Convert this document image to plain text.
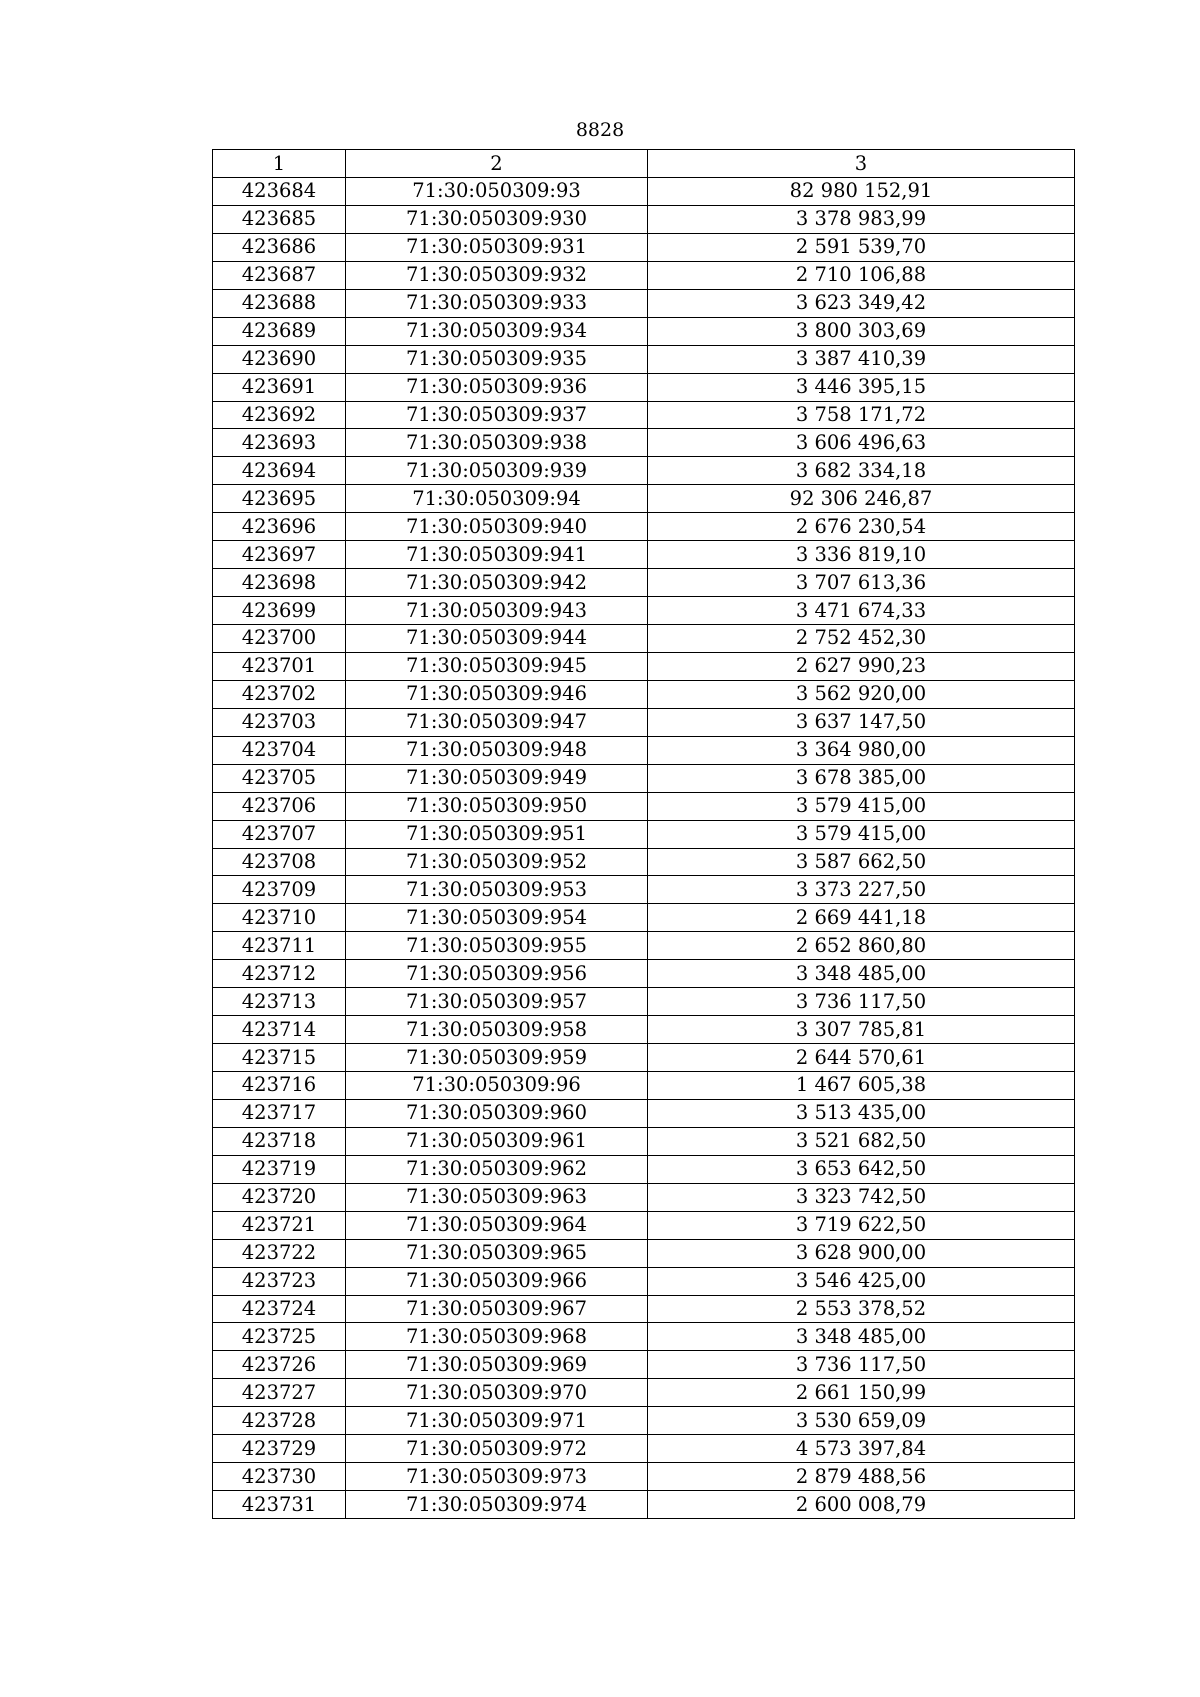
8828
1	2	3
423684	71:30:050309:93	82 980 152,91
423685	71:30:050309:930	3 378 983,99
423686	71:30:050309:931	2 591 539,70
423687	71:30:050309:932	2 710 106,88
423688	71:30:050309:933	3 623 349,42
423689	71:30:050309:934	3 800 303,69
423690	71:30:050309:935	3 387 410,39
423691	71:30:050309:936	3 446 395,15
423692	71:30:050309:937	3 758 171,72
423693	71:30:050309:938	3 606 496,63
423694	71:30:050309:939	3 682 334,18
423695	71:30:050309:94	92 306 246,87
423696	71:30:050309:940	2 676 230,54
423697	71:30:050309:941	3 336 819,10
423698	71:30:050309:942	3 707 613,36
423699	71:30:050309:943	3 471 674,33
423700	71:30:050309:944	2 752 452,30
423701	71:30:050309:945	2 627 990,23
423702	71:30:050309:946	3 562 920,00
423703	71:30:050309:947	3 637 147,50
423704	71:30:050309:948	3 364 980,00
423705	71:30:050309:949	3 678 385,00
423706	71:30:050309:950	3 579 415,00
423707	71:30:050309:951	3 579 415,00
423708	71:30:050309:952	3 587 662,50
423709	71:30:050309:953	3 373 227,50
423710	71:30:050309:954	2 669 441,18
423711	71:30:050309:955	2 652 860,80
423712	71:30:050309:956	3 348 485,00
423713	71:30:050309:957	3 736 117,50
423714	71:30:050309:958	3 307 785,81
423715	71:30:050309:959	2 644 570,61
423716	71:30:050309:96	1 467 605,38
423717	71:30:050309:960	3 513 435,00
423718	71:30:050309:961	3 521 682,50
423719	71:30:050309:962	3 653 642,50
423720	71:30:050309:963	3 323 742,50
423721	71:30:050309:964	3 719 622,50
423722	71:30:050309:965	3 628 900,00
423723	71:30:050309:966	3 546 425,00
423724	71:30:050309:967	2 553 378,52
423725	71:30:050309:968	3 348 485,00
423726	71:30:050309:969	3 736 117,50
423727	71:30:050309:970	2 661 150,99
423728	71:30:050309:971	3 530 659,09
423729	71:30:050309:972	4 573 397,84
423730	71:30:050309:973	2 879 488,56
423731	71:30:050309:974	2 600 008,79
